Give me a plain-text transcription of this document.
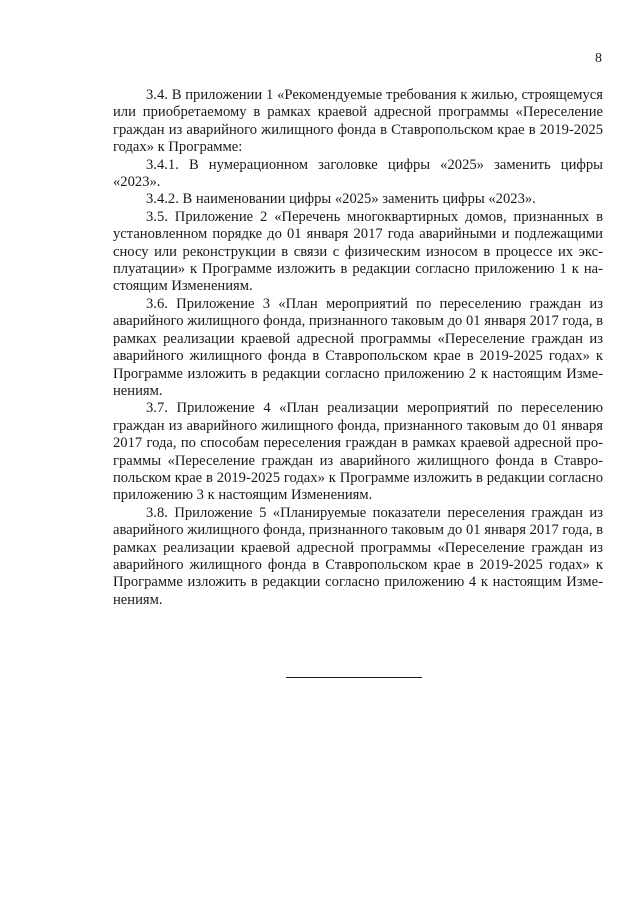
8

3.4. В приложении 1 «Рекомендуемые требования к жилью, строящемуся или приобретаемому в рамках краевой адресной программы «Переселение граждан из аварийного жилищного фонда в Ставропольском крае в 2019-2025 годах» к Программе:

3.4.1. В нумерационном заголовке цифры «2025» заменить цифры «2023».

3.4.2. В наименовании цифры «2025» заменить цифры «2023».

3.5. Приложение 2 «Перечень многоквартирных домов, признанных в установленном порядке до 01 января 2017 года аварийными и подлежащими сносу или реконструкции в связи с физическим износом в процессе их эксплуатации» к Программе изложить в редакции согласно приложению 1 к настоящим Изменениям.

3.6. Приложение 3 «План мероприятий по переселению граждан из аварийного жилищного фонда, признанного таковым до 01 января 2017 года, в рамках реализации краевой адресной программы «Переселение граждан из аварийного жилищного фонда в Ставропольском крае в 2019-2025 годах» к Программе изложить в редакции согласно приложению 2 к настоящим Изменениям.

3.7. Приложение 4 «План реализации мероприятий по переселению граждан из аварийного жилищного фонда, признанного таковым до 01 января 2017 года, по способам переселения граждан в рамках краевой адресной программы «Переселение граждан из аварийного жилищного фонда в Ставропольском крае в 2019-2025 годах» к Программе изложить в редакции согласно приложению 3 к настоящим Изменениям.

3.8. Приложение 5 «Планируемые показатели переселения граждан из аварийного жилищного фонда, признанного таковым до 01 января 2017 года, в рамках реализации краевой адресной программы «Переселение граждан из аварийного жилищного фонда в Ставропольском крае в 2019-2025 годах» к Программе изложить в редакции согласно приложению 4 к настоящим Изменениям.
